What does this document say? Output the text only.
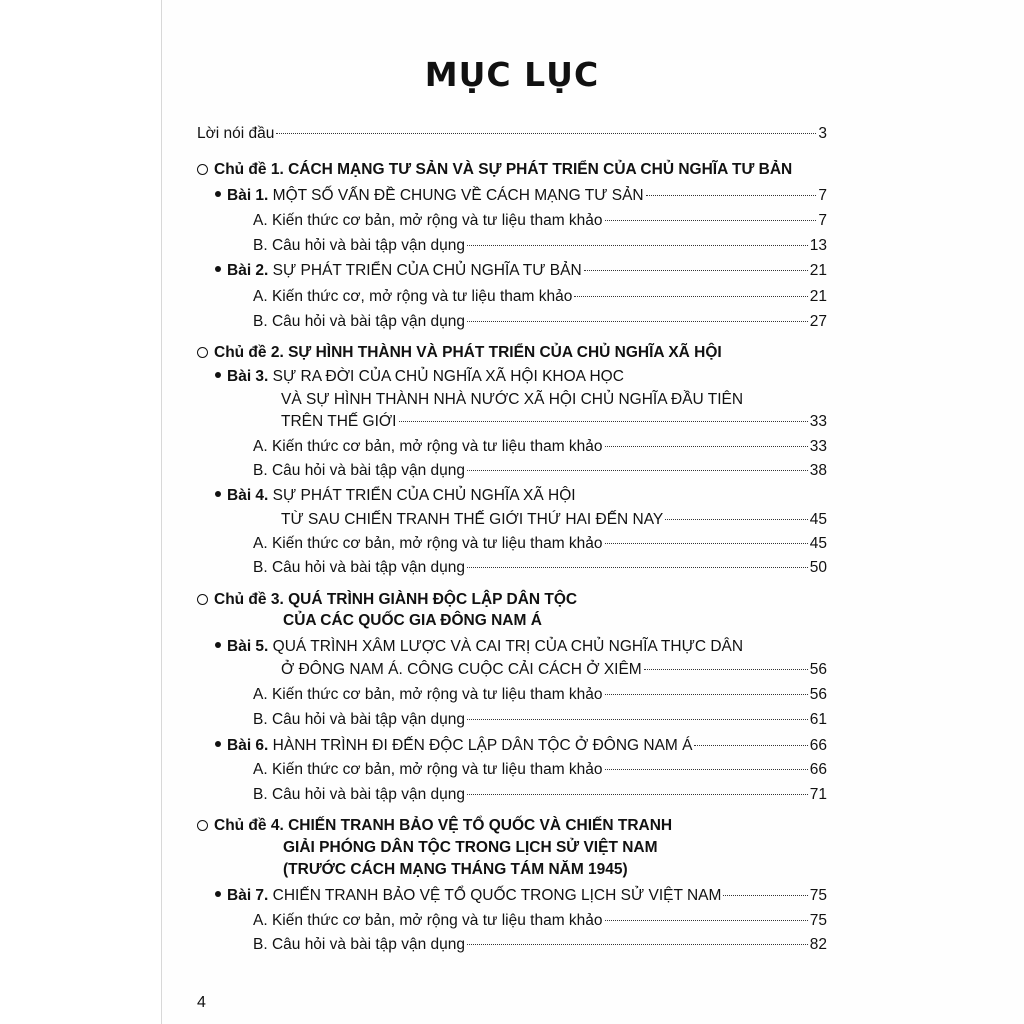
MỤC LỤC
Lời nói đầu	3
Chủ đề 1. CÁCH MẠNG TƯ SẢN VÀ SỰ PHÁT TRIỂN CỦA CHỦ NGHĨA TƯ BẢN
Bài 1. MỘT SỐ VẤN ĐỀ CHUNG VỀ CÁCH MẠNG TƯ SẢN	7
A. Kiến thức cơ bản, mở rộng và tư liệu tham khảo	7
B. Câu hỏi và bài tập vận dụng	13
Bài 2. SỰ PHÁT TRIỂN CỦA CHỦ NGHĨA TƯ BẢN	21
A. Kiến thức cơ, mở rộng và tư liệu tham khảo	21
B. Câu hỏi và bài tập vận dụng	27
Chủ đề 2. SỰ HÌNH THÀNH VÀ PHÁT TRIỂN CỦA CHỦ NGHĨA XÃ HỘI
Bài 3. SỰ RA ĐỜI CỦA CHỦ NGHĨA XÃ HỘI KHOA HỌC
VÀ SỰ HÌNH THÀNH NHÀ NƯỚC XÃ HỘI CHỦ NGHĨA ĐẦU TIÊN
TRÊN THẾ GIỚI	33
A. Kiến thức cơ bản, mở rộng và tư liệu tham khảo	33
B. Câu hỏi và bài tập vận dụng	38
Bài 4. SỰ PHÁT TRIỂN CỦA CHỦ NGHĨA XÃ HỘI
TỪ SAU CHIẾN TRANH THẾ GIỚI THỨ HAI ĐẾN NAY	45
A. Kiến thức cơ bản, mở rộng và tư liệu tham khảo	45
B. Câu hỏi và bài tập vận dụng	50
Chủ đề 3. QUÁ TRÌNH GIÀNH ĐỘC LẬP DÂN TỘC
CỦA CÁC QUỐC GIA ĐÔNG NAM Á
Bài 5. QUÁ TRÌNH XÂM LƯỢC VÀ CAI TRỊ CỦA CHỦ NGHĨA THỰC DÂN
Ở ĐÔNG NAM Á. CÔNG CUỘC CẢI CÁCH Ở XIÊM	56
A. Kiến thức cơ bản, mở rộng và tư liệu tham khảo	56
B. Câu hỏi và bài tập vận dụng	61
Bài 6. HÀNH TRÌNH ĐI ĐẾN ĐỘC LẬP DÂN TỘC Ở ĐÔNG NAM Á	66
A. Kiến thức cơ bản, mở rộng và tư liệu tham khảo	66
B. Câu hỏi và bài tập vận dụng	71
Chủ đề 4. CHIẾN TRANH BẢO VỆ TỔ QUỐC VÀ CHIẾN TRANH
GIẢI PHÓNG DÂN TỘC TRONG LỊCH SỬ VIỆT NAM
(TRƯỚC CÁCH MẠNG THÁNG TÁM NĂM 1945)
Bài 7. CHIẾN TRANH BẢO VỆ TỔ QUỐC TRONG LỊCH SỬ VIỆT NAM	75
A. Kiến thức cơ bản, mở rộng và tư liệu tham khảo	75
B. Câu hỏi và bài tập vận dụng	82
4
